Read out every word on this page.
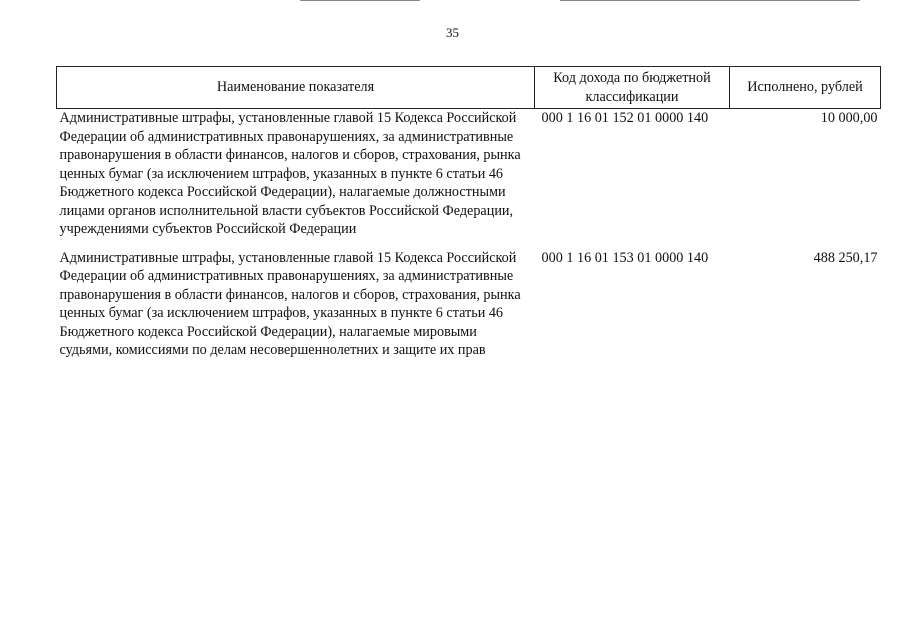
35
Наименование показателя	Код дохода по бюджетной классификации	Исполнено, рублей
Административные штрафы, установленные главой 15 Кодекса Российской Федерации об административных правонарушениях, за административные правонарушения в области финансов, налогов и сборов, страхования, рынка ценных бумаг (за исключением штрафов, указанных в пункте 6 статьи 46 Бюджетного кодекса Российской Федерации), налагаемые должностными лицами органов исполнительной власти субъектов Российской Федерации, учреждениями субъектов Российской Федерации	000 1 16 01 152 01 0000 140	10 000,00

Административные штрафы, установленные главой 15 Кодекса Российской Федерации об административных правонарушениях, за административные правонарушения в области финансов, налогов и сборов, страхования, рынка ценных бумаг (за исключением штрафов, указанных в пункте 6 статьи 46 Бюджетного кодекса Российской Федерации), налагаемые мировыми судьями, комиссиями по делам несовершеннолетних и защите их прав	000 1 16 01 153 01 0000 140	488 250,17
